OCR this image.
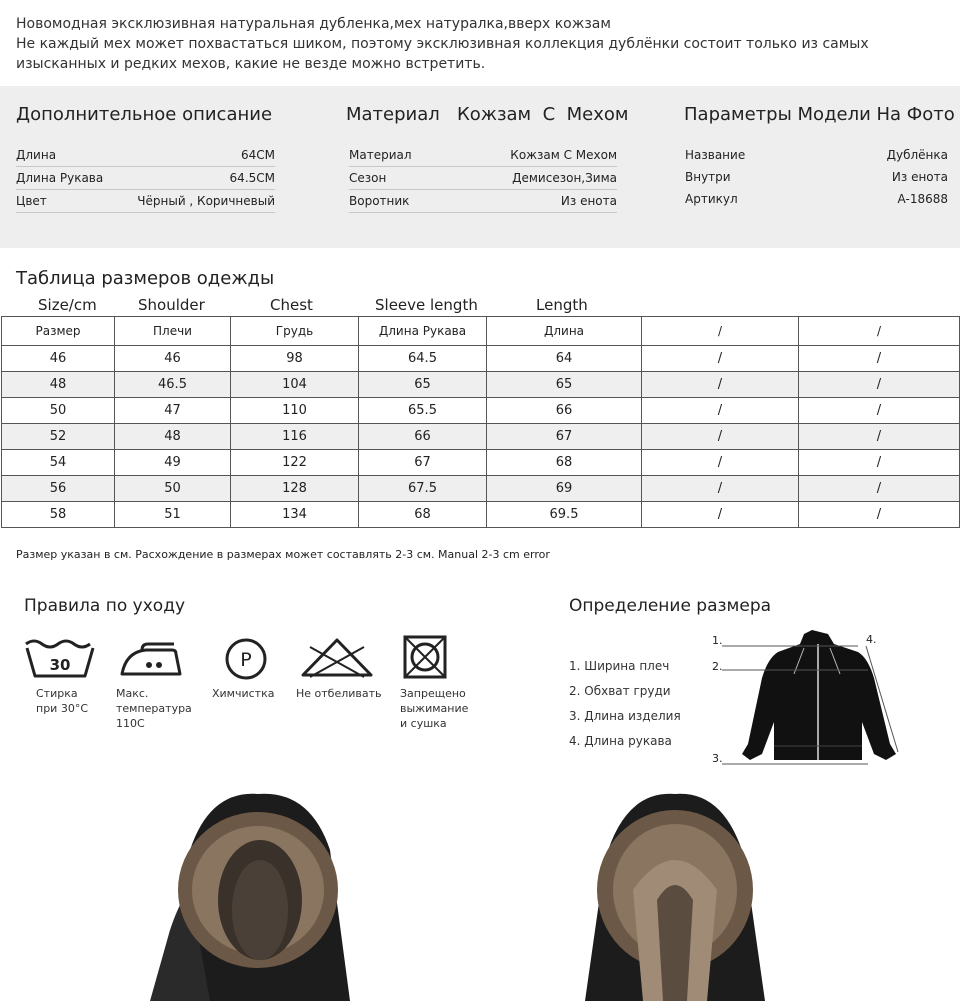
Новомодная эксклюзивная натуральная дубленка,мех натуралка,вверх кожзам

Не каждый мех может похвастаться шиком, поэтому эксклюзивная коллекция дублёнки состоит только из самых изысканных и редких мехов, какие не везде можно встретить.

Дополнительное описание
Длина	64CM
Длина Рукава	64.5CM
Цвет	Чёрный , Коричневый
Материал   Кожзам  С  Мехом
Материал	Кожзам С Мехом
Сезон	Демисезон,Зима
Воротник	Из енота
Параметры Модели На Фото
Название	Дублёнка
Внутри	Из енота
Артикул	A-18688
Таблица размеров одежды
Size/cm	Shoulder	Chest	Sleeve length	Length
Размер	Плечи	Грудь	Длина Рукава	Длина	/	/
46	46	98	64.5	64	/	/
48	46.5	104	65	65	/	/
50	47	110	65.5	66	/	/
52	48	116	66	67	/	/
54	49	122	67	68	/	/
56	50	128	67.5	69	/	/
58	51	134	68	69.5	/	/
Размер указан в см. Расхождение в размерах может составлять 2-3 см. Manual 2-3 cm error
Правила по уходу
30
Стирка
при 30°C
Макс.
температура
110С
P
Химчистка Не отбеливать Запрещено
выжимание
и сушка
Определение размера
1. Ширина плеч
2. Обхват груди
3. Длина изделия
4. Длина рукава
1.
2.
3.
4.
